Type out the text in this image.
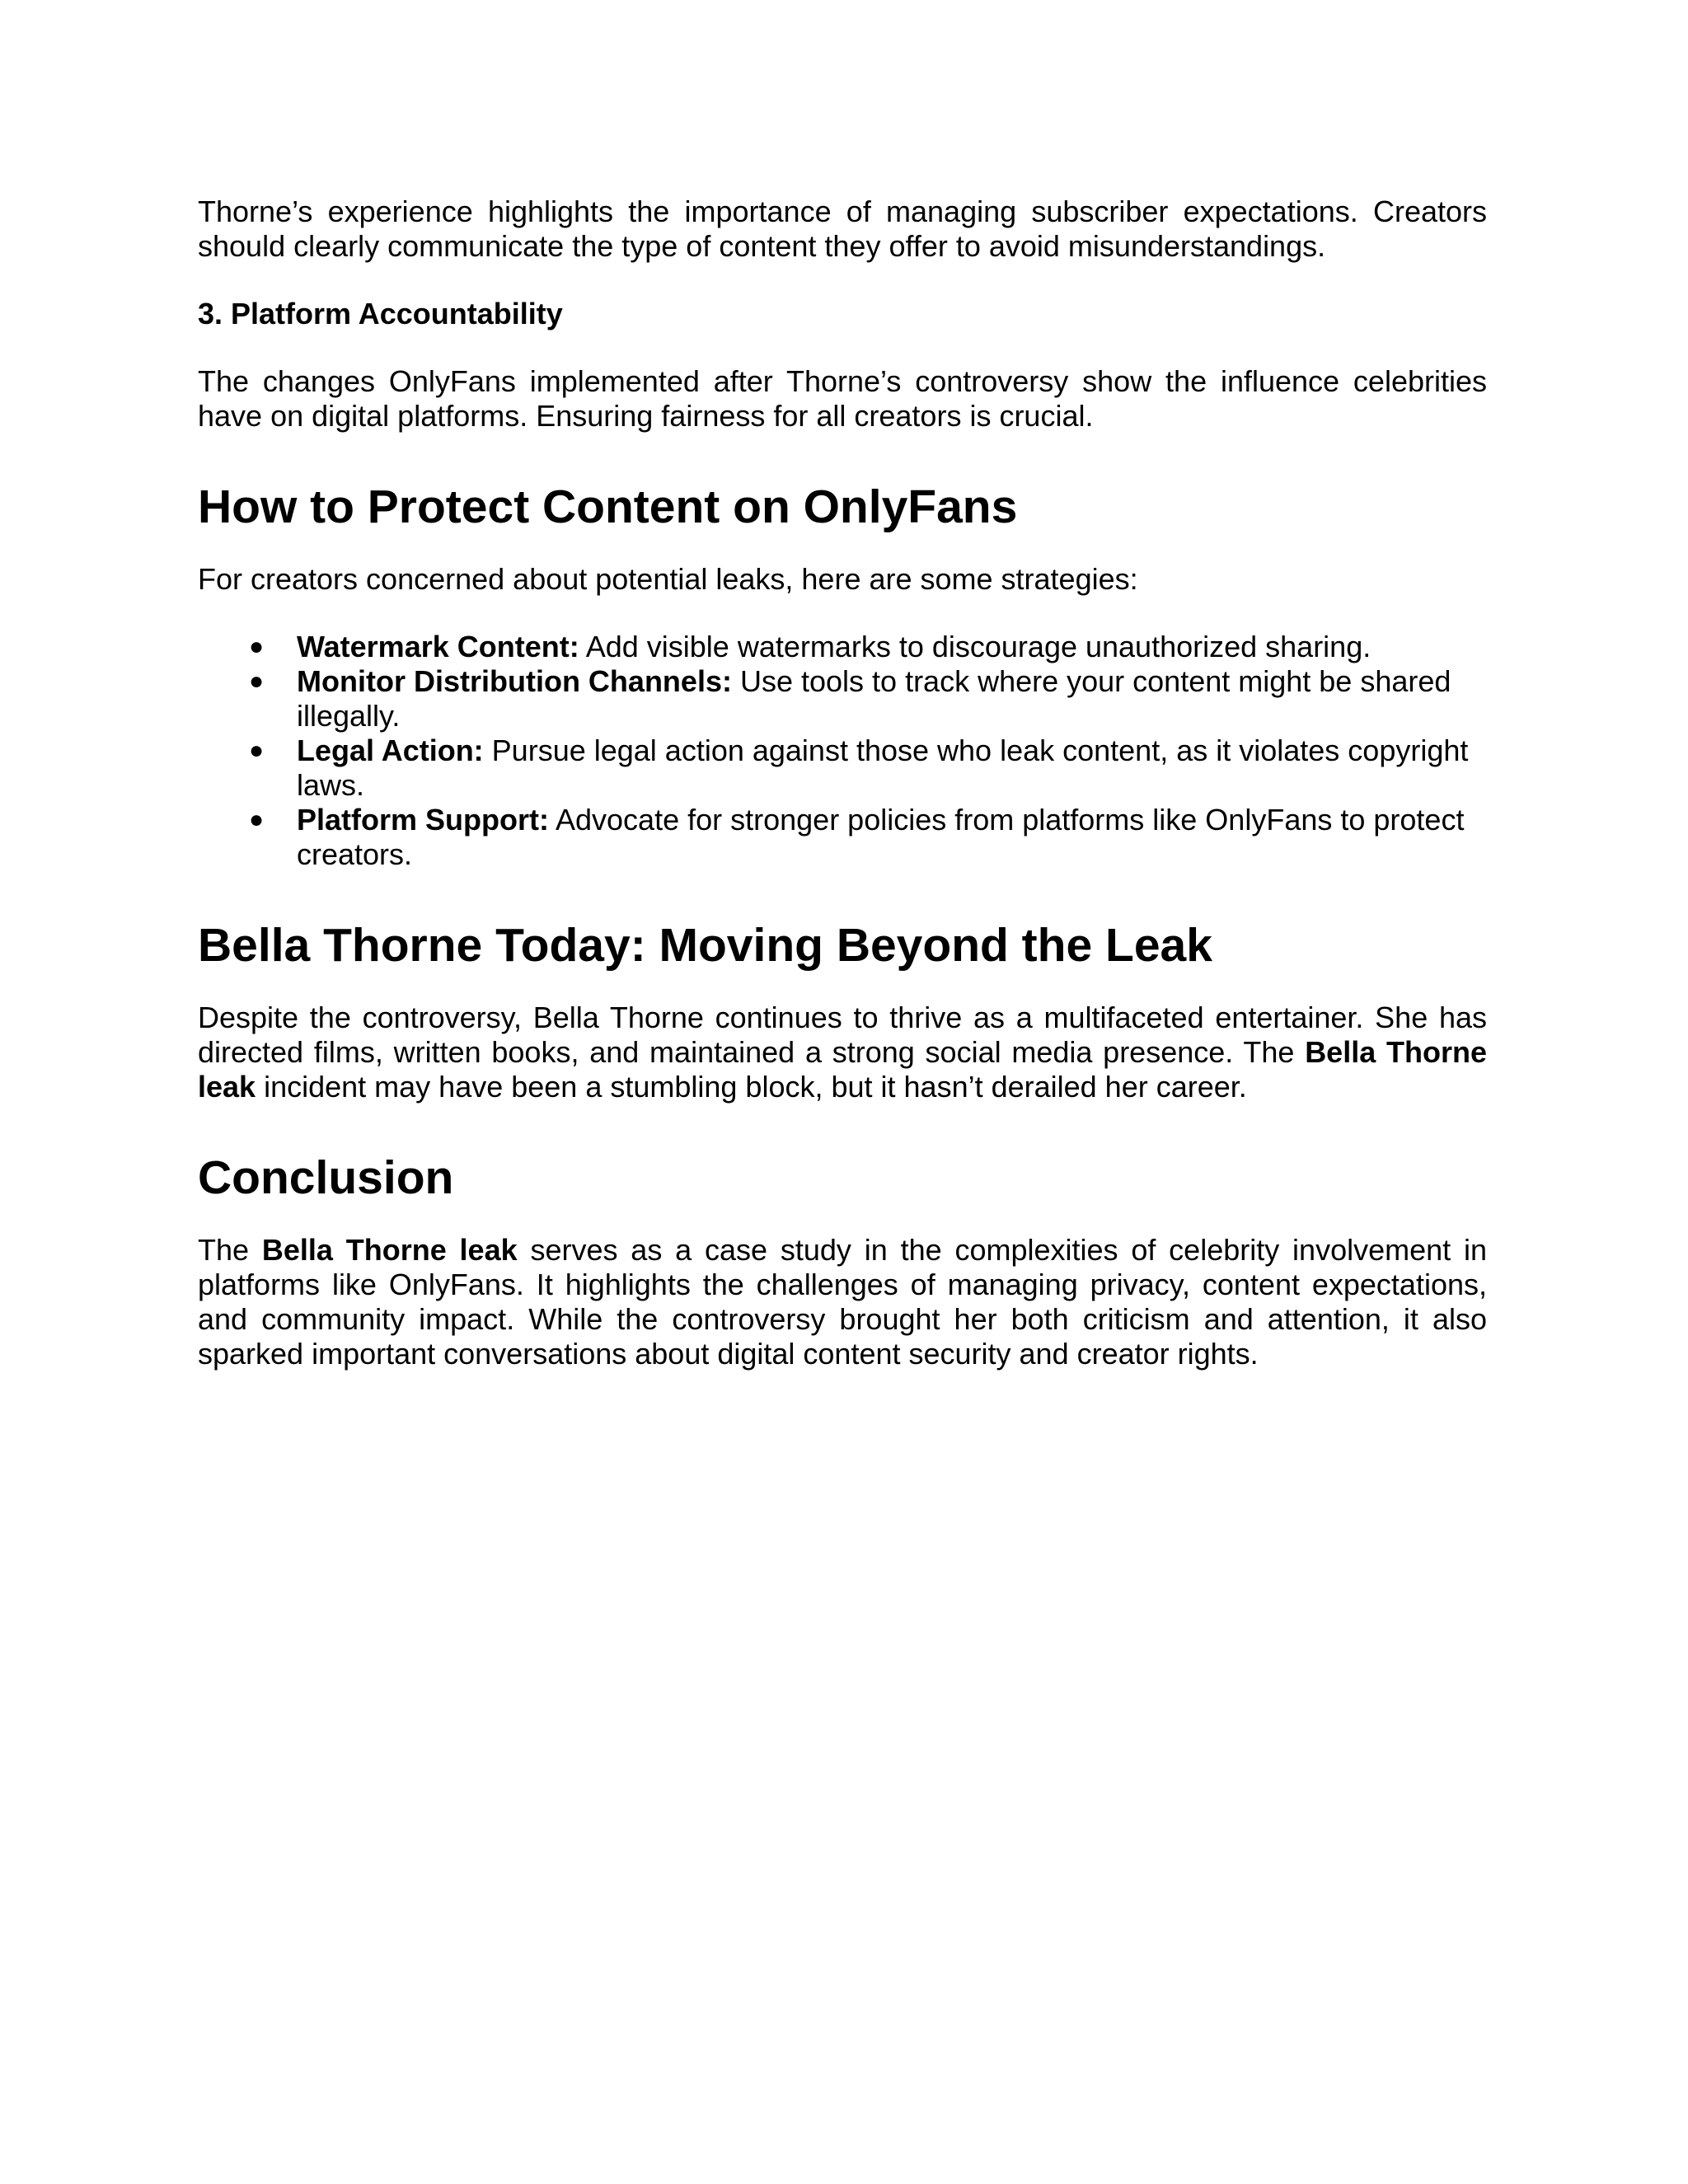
Thorne’s experience highlights the importance of managing subscriber expectations. Creators should clearly communicate the type of content they offer to avoid misunderstandings.

3. Platform Accountability

The changes OnlyFans implemented after Thorne’s controversy show the influence celebrities have on digital platforms. Ensuring fairness for all creators is crucial.

How to Protect Content on OnlyFans

For creators concerned about potential leaks, here are some strategies:

● Watermark Content: Add visible watermarks to discourage unauthorized sharing.
● Monitor Distribution Channels: Use tools to track where your content might be shared illegally.
● Legal Action: Pursue legal action against those who leak content, as it violates copyright laws.
● Platform Support: Advocate for stronger policies from platforms like OnlyFans to protect creators.
Bella Thorne Today: Moving Beyond the Leak

Despite the controversy, Bella Thorne continues to thrive as a multifaceted entertainer. She has directed films, written books, and maintained a strong social media presence. The Bella Thorne leak incident may have been a stumbling block, but it hasn’t derailed her career.

Conclusion

The Bella Thorne leak serves as a case study in the complexities of celebrity involvement in platforms like OnlyFans. It highlights the challenges of managing privacy, content expectations, and community impact. While the controversy brought her both criticism and attention, it also sparked important conversations about digital content security and creator rights.
